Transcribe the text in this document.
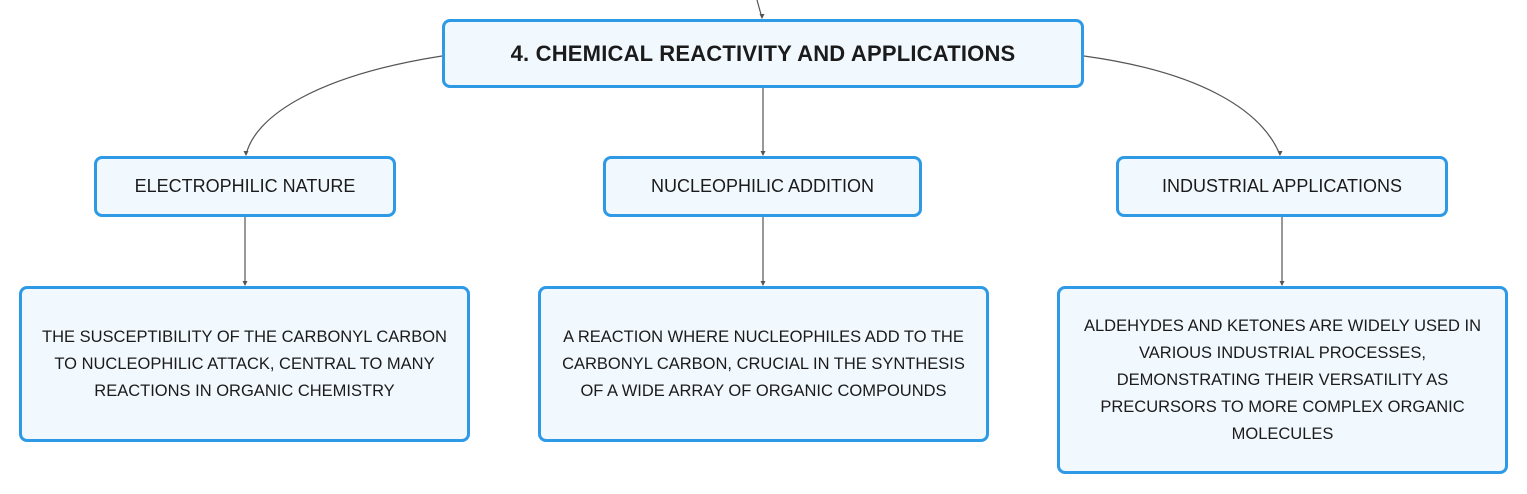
4. CHEMICAL REACTIVITY AND APPLICATIONS
ELECTROPHILIC NATURE	NUCLEOPHILIC ADDITION	INDUSTRIAL APPLICATIONS
THE SUSCEPTIBILITY OF THE CARBONYL CARBON TO NUCLEOPHILIC ATTACK, CENTRAL TO MANY REACTIONS IN ORGANIC CHEMISTRY
A REACTION WHERE NUCLEOPHILES ADD TO THE CARBONYL CARBON, CRUCIAL IN THE SYNTHESIS OF A WIDE ARRAY OF ORGANIC COMPOUNDS
ALDEHYDES AND KETONES ARE WIDELY USED IN VARIOUS INDUSTRIAL PROCESSES, DEMONSTRATING THEIR VERSATILITY AS PRECURSORS TO MORE COMPLEX ORGANIC MOLECULES
